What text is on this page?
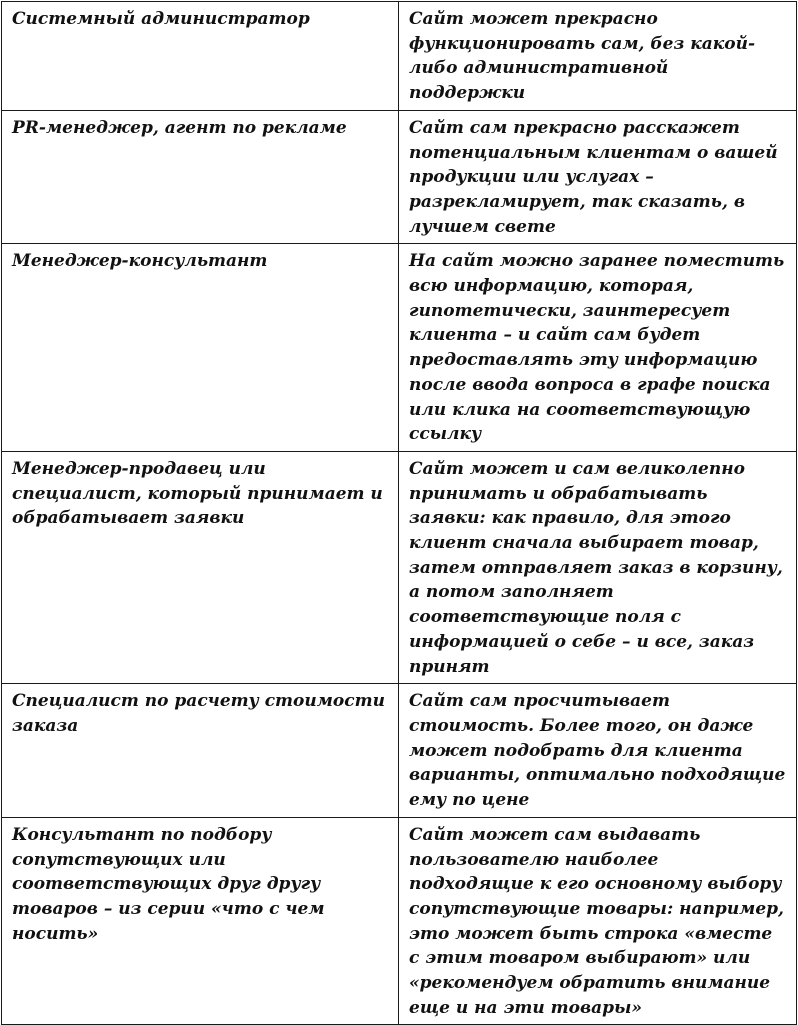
Системный администратор	Сайт может прекрасно функционировать сам, без какой-либо административной поддержки
PR-менеджер, агент по рекламе	Сайт сам прекрасно расскажет потенциальным клиентам о вашей продукции или услугах – разрекламирует, так сказать, в лучшем свете
Менеджер-консультант	На сайт можно заранее поместить всю информацию, которая, гипотетически, заинтересует клиента – и сайт сам будет предоставлять эту информацию после ввода вопроса в графе поиска или клика на соответствующую ссылку
Менеджер-продавец или специалист, который принимает и обрабатывает заявки	Сайт может и сам великолепно принимать и обрабатывать заявки: как правило, для этого клиент сначала выбирает товар, затем отправляет заказ в корзину, а потом заполняет соответствующие поля с информацией о себе – и все, заказ принят
Специалист по расчету стоимости заказа	Сайт сам просчитывает стоимость. Более того, он даже может подобрать для клиента варианты, оптимально подходящие ему по цене
Консультант по подбору сопутствующих или соответствующих друг другу товаров – из серии «что с чем носить»	Сайт может сам выдавать пользователю наиболее подходящие к его основному выбору сопутствующие товары: например, это может быть строка «вместе с этим товаром выбирают» или «рекомендуем обратить внимание еще и на эти товары»
